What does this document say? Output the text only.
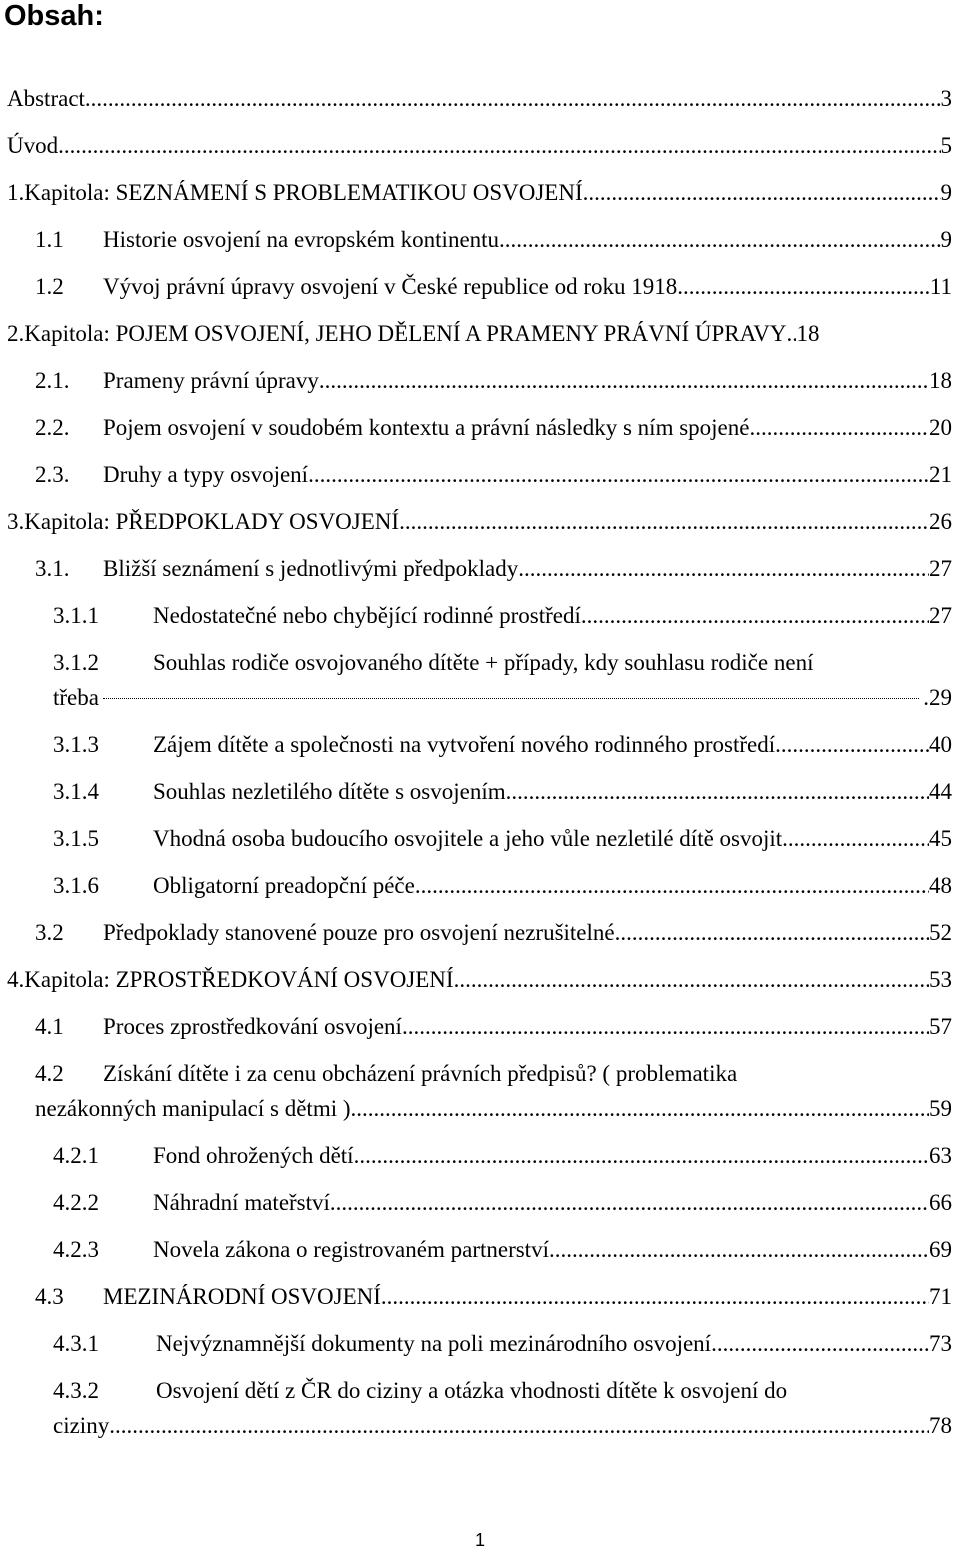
Obsah:
Abstract .....	3
Úvod .....	5
1. Kapitola: SEZNÁMENÍ S PROBLEMATIKOU OSVOJENÍ .....	9
1.1	Historie osvojení na evropském kontinentu .....	9
1.2	Vývoj právní úpravy osvojení v České republice od roku 1918 .....	11
2. Kapitola: POJEM OSVOJENÍ, JEHO DĚLENÍ A PRAMENY PRÁVNÍ ÚPRAVY ..... 18
2.1.	Prameny právní úpravy .....	18
2.2.	Pojem osvojení v soudobém kontextu a právní následky s ním spojené .....	20
2.3.	Druhy a typy osvojení .....	21
3. Kapitola: PŘEDPOKLADY OSVOJENÍ .....	26
3.1.	Bližší seznámení s jednotlivými předpoklady .....	27
3.1.1	Nedostatečné nebo chybějící rodinné prostředí .....	27
3.1.2 Souhlas rodiče osvojovaného dítěte + případy, kdy souhlasu rodiče není
třeba	.29
3.1.3	Zájem dítěte a společnosti na vytvoření nového rodinného prostředí .....	40
3.1.4	Souhlas nezletilého dítěte s osvojením .....	44
3.1.5	Vhodná osoba budoucího osvojitele a jeho vůle nezletilé dítě osvojit .....	45
3.1.6	Obligatorní preadopční péče .....	48
3.2	Předpoklady stanovené pouze pro osvojení nezrušitelné .....	52
4. Kapitola: ZPROSTŘEDKOVÁNÍ OSVOJENÍ .....	53
4.1	Proces zprostředkování osvojení .....	57
4.2 Získání dítěte i za cenu obcházení právních předpisů? ( problematika
nezákonných manipulací s dětmi ) .....	59
4.2.1	Fond ohrožených dětí .....	63
4.2.2	Náhradní mateřství .....	66
4.2.3	Novela zákona o registrovaném partnerství .....	69
4.3	MEZINÁRODNÍ OSVOJENÍ .....	71
4.3.1	Nejvýznamnější dokumenty na poli mezinárodního osvojení .....	73
4.3.2 Osvojení dětí z ČR do ciziny a otázka vhodnosti dítěte k osvojení do
ciziny .....	78
1
